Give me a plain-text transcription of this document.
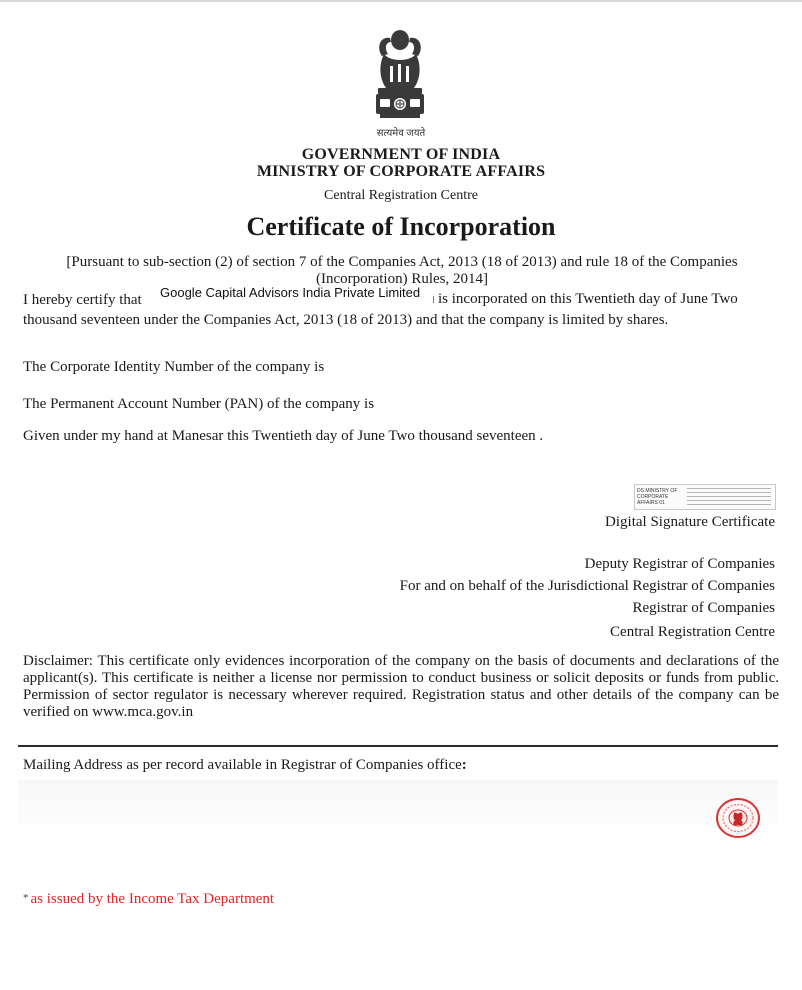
सत्यमेव जयते
GOVERNMENT OF INDIA
MINISTRY OF CORPORATE AFFAIRS
Central Registration Centre
Certificate of Incorporation
[Pursuant to sub-section (2) of section 7 of the Companies Act, 2013 (18 of 2013) and rule 18 of the Companies (Incorporation) Rules, 2014]
I hereby certify that	Google Capital Advisors India Private Limited	is incorporated on this Twentieth day of June Two
thousand seventeen under the Companies Act, 2013 (18 of 2013) and that the company is limited by shares.
The Corporate Identity Number of the company is
The Permanent Account Number (PAN) of the company is
Given under my hand at Manesar this Twentieth day of June Two thousand seventeen .
DS MINISTRY OF CORPORATE AFFAIRS 01
Digital Signature Certificate
Deputy Registrar of Companies
For and on behalf of the Jurisdictional Registrar of Companies
Registrar of Companies
Central Registration Centre
Disclaimer: This certificate only evidences incorporation of the company on the basis of documents and declarations of the applicant(s). This certificate is neither a license nor permission to conduct business or solicit deposits or funds from public. Permission of sector regulator is necessary wherever required. Registration status and other details of the company can be verified on www.mca.gov.in
Mailing Address as per record available in Registrar of Companies office:
* as issued by the Income Tax Department
